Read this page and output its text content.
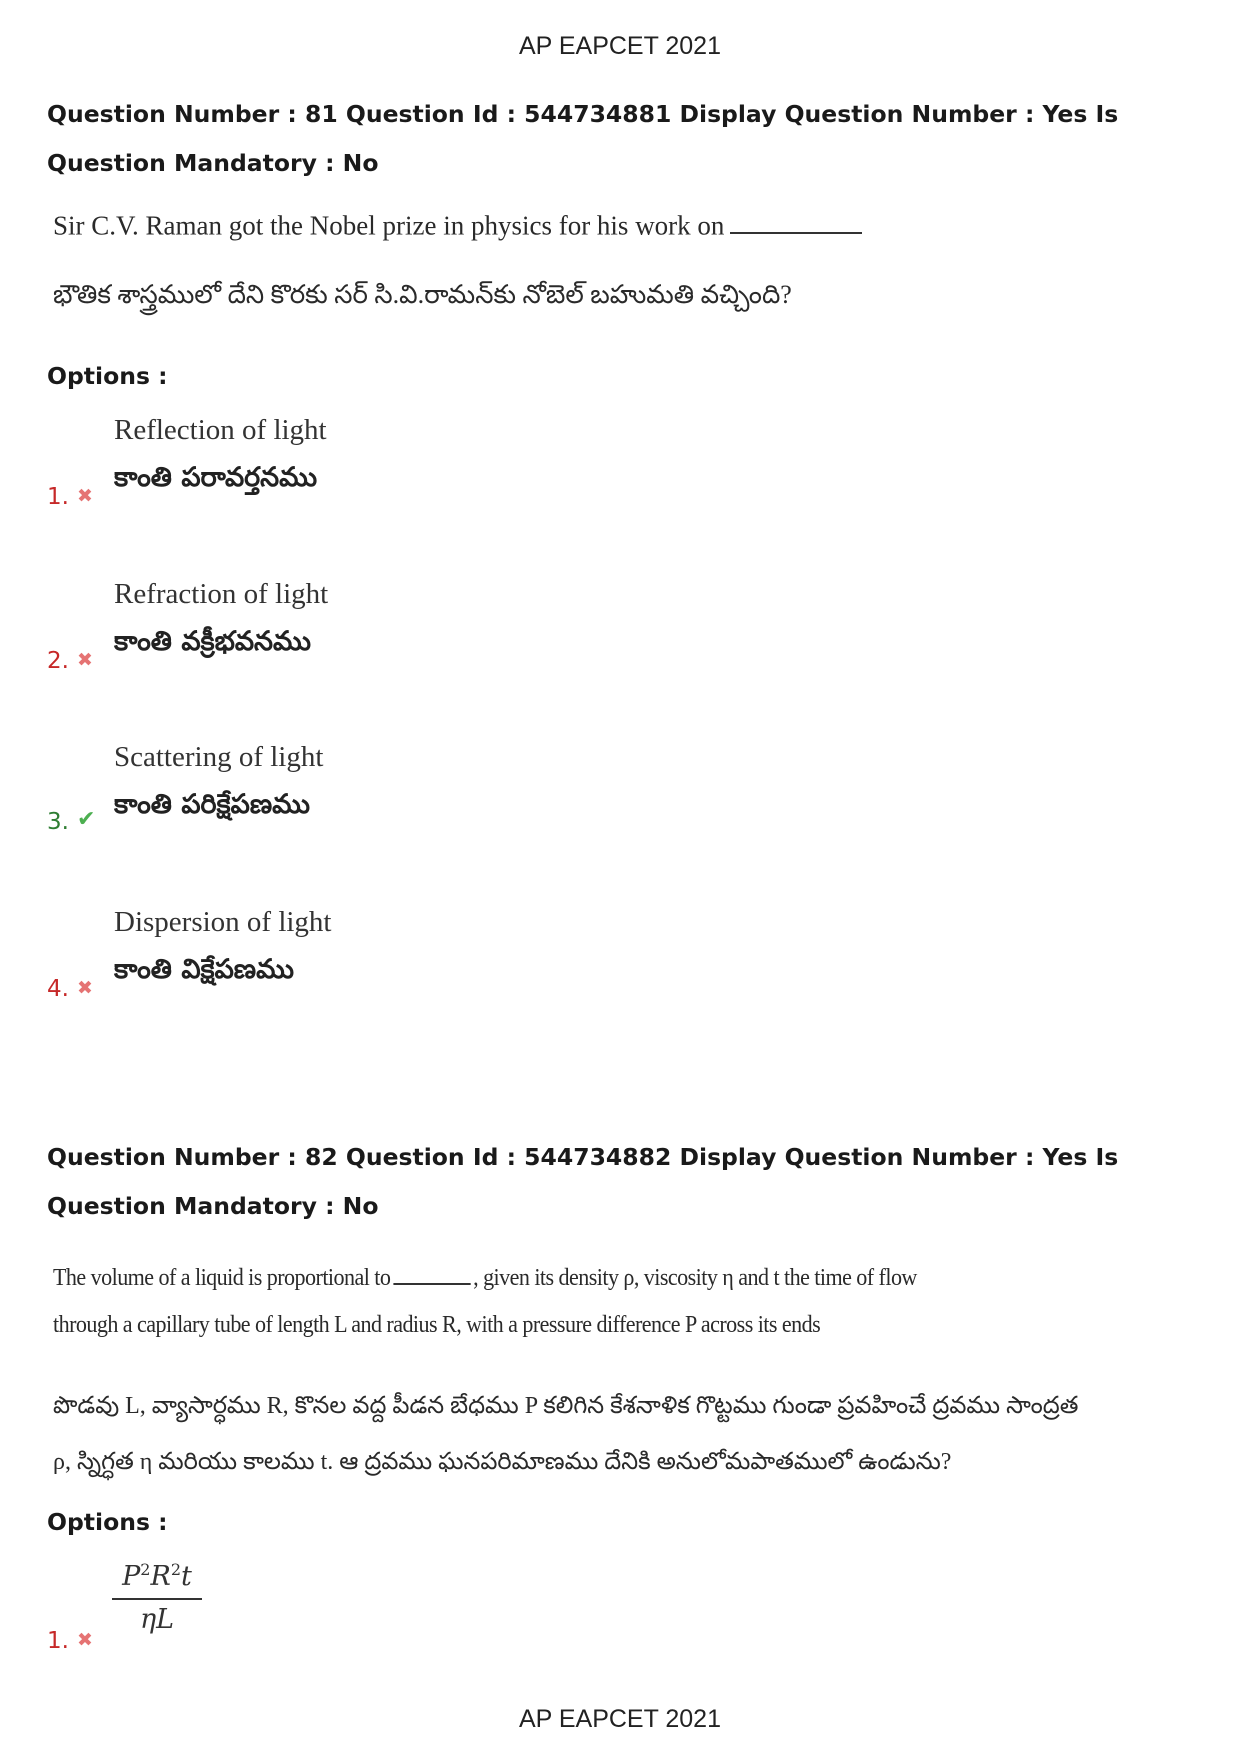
AP EAPCET 2021
Question Number : 81 Question Id : 544734881 Display Question Number : Yes Is Question Mandatory : No
Sir C.V. Raman got the Nobel prize in physics for his work on
భౌతిక శాస్త్రములో దేని కొరకు సర్ సి.వి.రామన్‌కు నోబెల్ బహుమతి వచ్చింది?
Options :
1. ✖
Reflection of light
కాంతి పరావర్తనము
2. ✖
Refraction of light
కాంతి వక్రీభవనము
3. ✔
Scattering of light
కాంతి పరిక్షేపణము
4. ✖
Dispersion of light
కాంతి విక్షేపణము
Question Number : 82 Question Id : 544734882 Display Question Number : Yes Is Question Mandatory : No
The volume of a liquid is proportional to	, given its density ρ, viscosity η and t the time of flow
through a capillary tube of length L and radius R, with a pressure difference P across its ends
పొడవు L, వ్యాసార్ధము R, కొనల వద్ద పీడన బేధము P కలిగిన కేశనాళిక గొట్టము గుండా ప్రవహించే ద్రవము సాంద్రత
ρ, స్నిగ్ధత η మరియు కాలము t. ఆ ద్రవము ఘనపరిమాణము దేనికి అనులోమపాతములో ఉండును?
Options :
1. ✖
$\frac{P^2R^2t}{\eta L}$
AP EAPCET 2021
